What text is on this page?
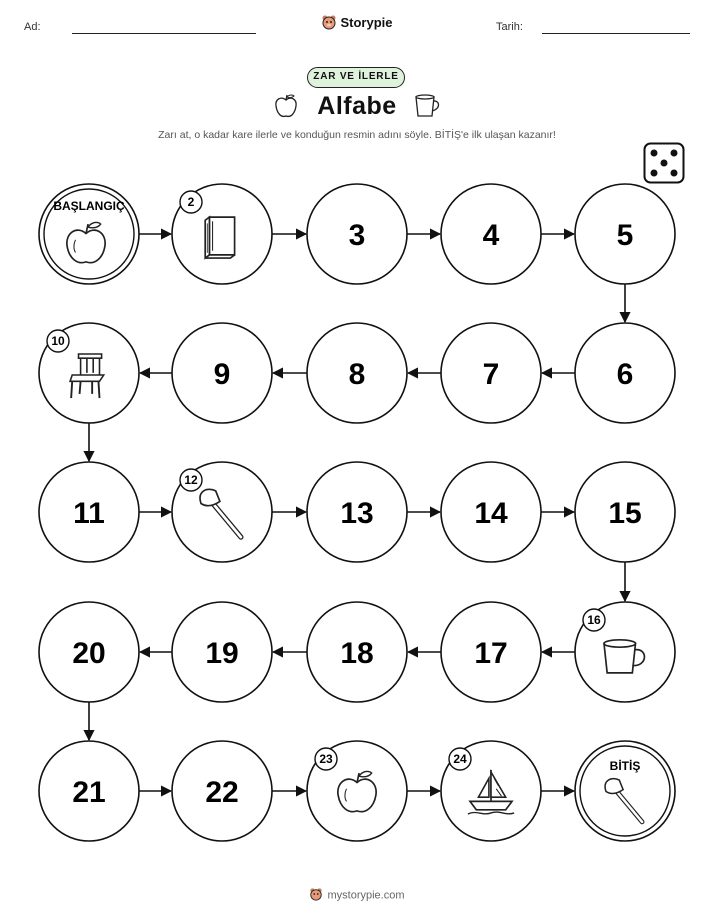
Ad:	Storypie	Tarih:
ZAR VE İLERLE
Alfabe
Zarı at, o kadar kare ilerle ve konduğun resmin adını söyle. BİTİŞ'e ilk ulaşan kazanır!
BAŞLANGIÇ	2
3	4	5
6
7
8
9
10
11
12
13	14	15
16
17
18
19
20
21	22
23	24	BİTİŞ
mystorypie.com
